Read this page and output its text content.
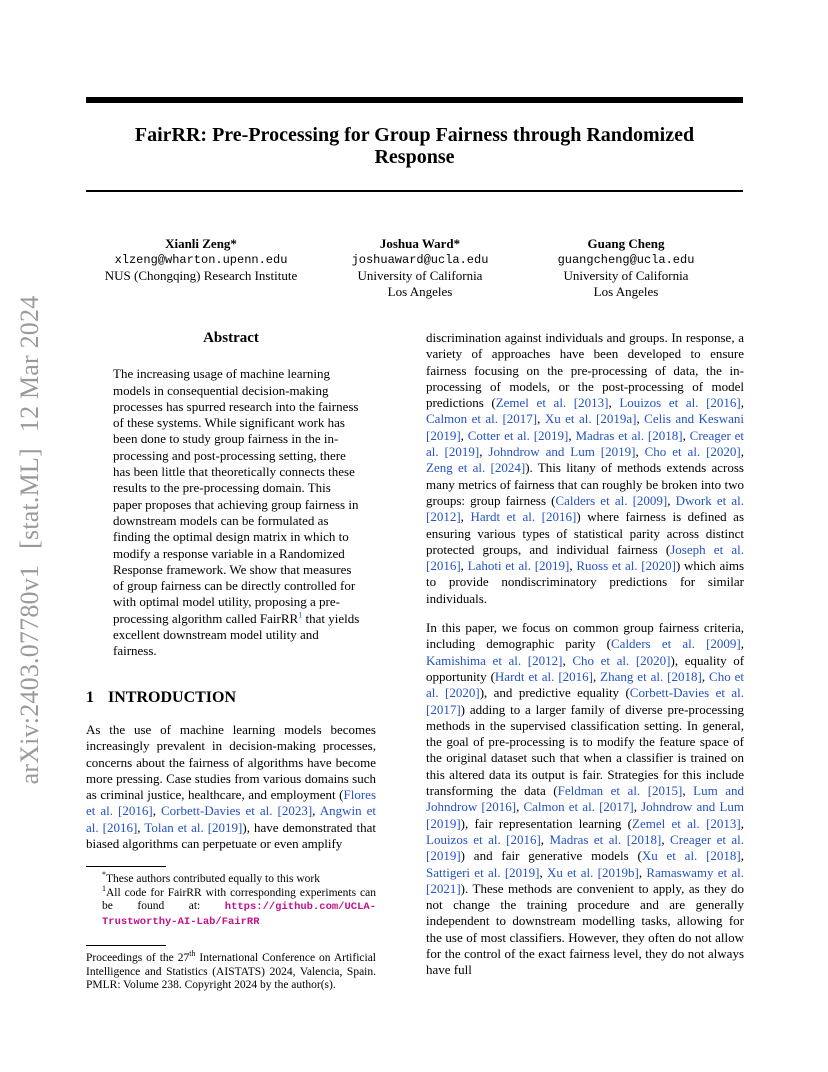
arXiv:2403.07780v1
[stat.ML]
12 Mar 2024
FairRR: Pre-Processing for Group Fairness through Randomized
Response
Xianli Zeng*
xlzeng@wharton.upenn.edu
NUS (Chongqing) Research Institute
Joshua Ward*
joshuaward@ucla.edu
University of California
Los Angeles
Guang Cheng
guangcheng@ucla.edu
University of California
Los Angeles
Abstract
The increasing usage of machine learning models in consequential decision-making processes has spurred research into the fairness of these systems. While significant work has been done to study group fairness in the in-processing and post-processing setting, there has been little that theoretically connects these results to the pre-processing domain. This paper proposes that achieving group fairness in downstream models can be formulated as finding the optimal design matrix in which to modify a response variable in a Randomized Response framework. We show that measures of group fairness can be directly controlled for with optimal model utility, proposing a pre-processing algorithm called FairRR$^1$ that yields excellent downstream model utility and fairness.
1 INTRODUCTION
As the use of machine learning models becomes increasingly prevalent in decision-making processes, concerns about the fairness of algorithms have become more pressing. Case studies from various domains such as criminal justice, healthcare, and employment (Flores et al. [2016], Corbett-Davies et al. [2023], Angwin et al. [2016], Tolan et al. [2019]), have demonstrated that biased algorithms can perpetuate or even amplify
*These authors contributed equally to this work
$^1$All code for FairRR with corresponding experiments can be found at: https://github.com/UCLA-Trustworthy-AI-Lab/FairRR
Proceedings of the 27th International Conference on Artificial Intelligence and Statistics (AISTATS) 2024, Valencia, Spain. PMLR: Volume 238. Copyright 2024 by the author(s).

discrimination against individuals and groups. In response, a variety of approaches have been developed to ensure fairness focusing on the pre-processing of data, the in-processing of models, or the post-processing of model predictions (Zemel et al. [2013], Louizos et al. [2016], Calmon et al. [2017], Xu et al. [2019a], Celis and Keswani [2019], Cotter et al. [2019], Madras et al. [2018], Creager et al. [2019], Johndrow and Lum [2019], Cho et al. [2020], Zeng et al. [2024]). This litany of methods extends across many metrics of fairness that can roughly be broken into two groups: group fairness (Calders et al. [2009], Dwork et al. [2012], Hardt et al. [2016]) where fairness is defined as ensuring various types of statistical parity across distinct protected groups, and individual fairness (Joseph et al. [2016], Lahoti et al. [2019], Ruoss et al. [2020]) which aims to provide nondiscriminatory predictions for similar individuals.

In this paper, we focus on common group fairness criteria, including demographic parity (Calders et al. [2009], Kamishima et al. [2012], Cho et al. [2020]), equality of opportunity (Hardt et al. [2016], Zhang et al. [2018], Cho et al. [2020]), and predictive equality (Corbett-Davies et al. [2017]) adding to a larger family of diverse pre-processing methods in the supervised classification setting. In general, the goal of pre-processing is to modify the feature space of the original dataset such that when a classifier is trained on this altered data its output is fair. Strategies for this include transforming the data (Feldman et al. [2015], Lum and Johndrow [2016], Calmon et al. [2017], Johndrow and Lum [2019]), fair representation learning (Zemel et al. [2013], Louizos et al. [2016], Madras et al. [2018], Creager et al. [2019]) and fair generative models (Xu et al. [2018], Sattigeri et al. [2019], Xu et al. [2019b], Ramaswamy et al. [2021]). These methods are convenient to apply, as they do not change the training procedure and are generally independent to downstream modelling tasks, allowing for the use of most classifiers. However, they often do not allow for the control of the exact fairness level, they do not always have full
